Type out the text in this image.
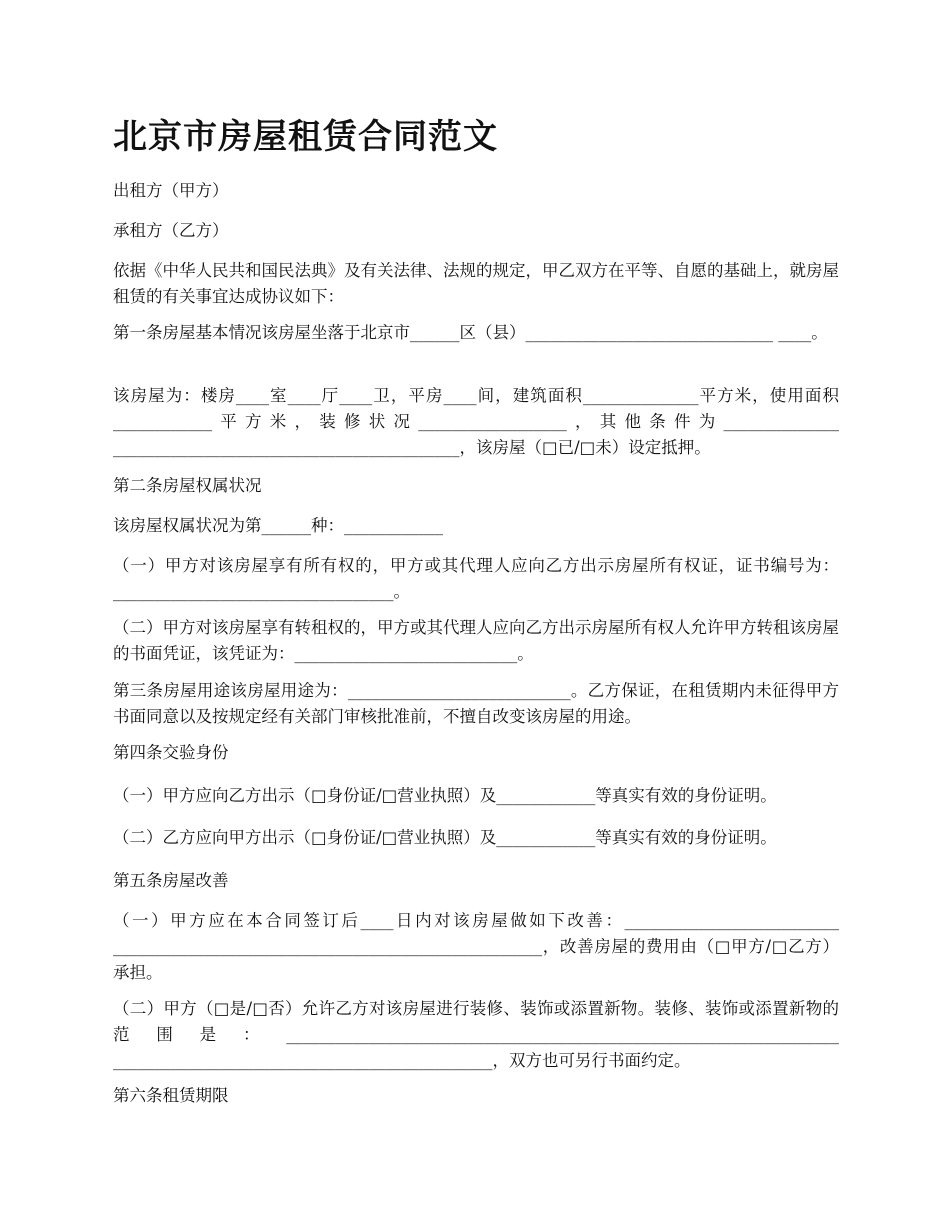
北京市房屋租赁合同范文

出租方（甲方）

承租方（乙方）

依据《中华人民共和国民法典》及有关法律、法规的规定，甲乙双方在平等、自愿的基础上，就房屋租赁的有关事宜达成协议如下：

第一条房屋基本情况该房屋坐落于北京市______区（县）______________________________ ____。

该房屋为：楼房____室____厅____卫，平房____间，建筑面积______________平方米，使用面积____________平方米，装修状况__________________，其他条件为______________ __________________________________________，该房屋（□已/□未）设定抵押。

第二条房屋权属状况

该房屋权属状况为第______种：____________

（一）甲方对该房屋享有所有权的，甲方或其代理人应向乙方出示房屋所有权证，证书编号为：__________________________________。

（二）甲方对该房屋享有转租权的，甲方或其代理人应向乙方出示房屋所有权人允许甲方转租该房屋的书面凭证，该凭证为：___________________________。

第三条房屋用途该房屋用途为：___________________________。乙方保证，在租赁期内未征得甲方书面同意以及按规定经有关部门审核批准前，不擅自改变该房屋的用途。

第四条交验身份

（一）甲方应向乙方出示（□身份证/□营业执照）及____________等真实有效的身份证明。

（二）乙方应向甲方出示（□身份证/□营业执照）及____________等真实有效的身份证明。

第五条房屋改善

（一）甲方应在本合同签订后____日内对该房屋做如下改善：__________________________ ____________________________________________________，改善房屋的费用由（□甲方/□乙方）承担。

（二）甲方（□是/□否）允许乙方对该房屋进行装修、装饰或添置新物。装修、装饰或添置新物的范围是：___________________________________________________________________ ______________________________________________，双方也可另行书面约定。

第六条租赁期限
